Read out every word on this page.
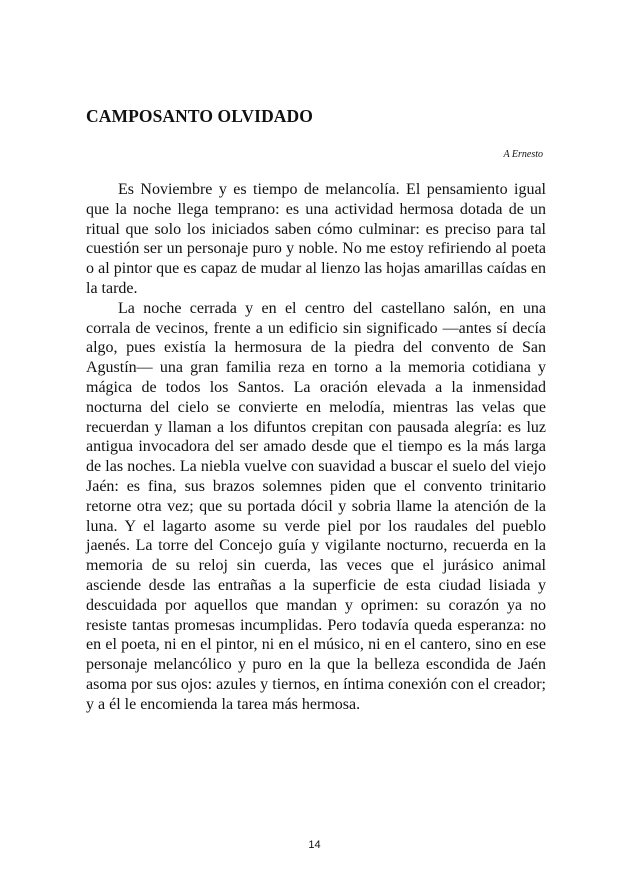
CAMPOSANTO OLVIDADO

A Ernesto

Es Noviembre y es tiempo de melancolía. El pensamiento igual que la noche llega temprano: es una actividad hermosa dotada de un ritual que solo los iniciados saben cómo culminar: es preciso para tal cuestión ser un personaje puro y noble. No me estoy refiriendo al poeta o al pintor que es capaz de mudar al lienzo las hojas amarillas caídas en la tarde.

La noche cerrada y en el centro del castellano salón, en una corrala de vecinos, frente a un edificio sin significado —antes sí decía algo, pues existía la hermosura de la piedra del convento de San Agustín— una gran familia reza en torno a la memoria cotidiana y mágica de todos los Santos. La oración elevada a la inmensidad nocturna del cielo se convierte en melodía, mientras las velas que recuerdan y llaman a los difuntos crepitan con pausada alegría: es luz antigua invocadora del ser amado desde que el tiempo es la más larga de las noches. La niebla vuelve con suavidad a buscar el suelo del viejo Jaén: es fina, sus brazos solemnes piden que el convento trinitario retorne otra vez; que su portada dócil y sobria llame la atención de la luna. Y el lagarto asome su verde piel por los raudales del pueblo jaenés. La torre del Concejo guía y vigilante nocturno, recuerda en la memoria de su reloj sin cuerda, las veces que el jurásico animal asciende desde las entrañas a la superficie de esta ciudad lisiada y descuidada por aquellos que mandan y oprimen: su corazón ya no resiste tantas promesas incumplidas. Pero todavía queda esperanza: no en el poeta, ni en el pintor, ni en el músico, ni en el cantero, sino en ese personaje melancólico y puro en la que la belleza escondida de Jaén asoma por sus ojos: azules y tiernos, en íntima conexión con el creador; y a él le encomienda la tarea más hermosa.

14
